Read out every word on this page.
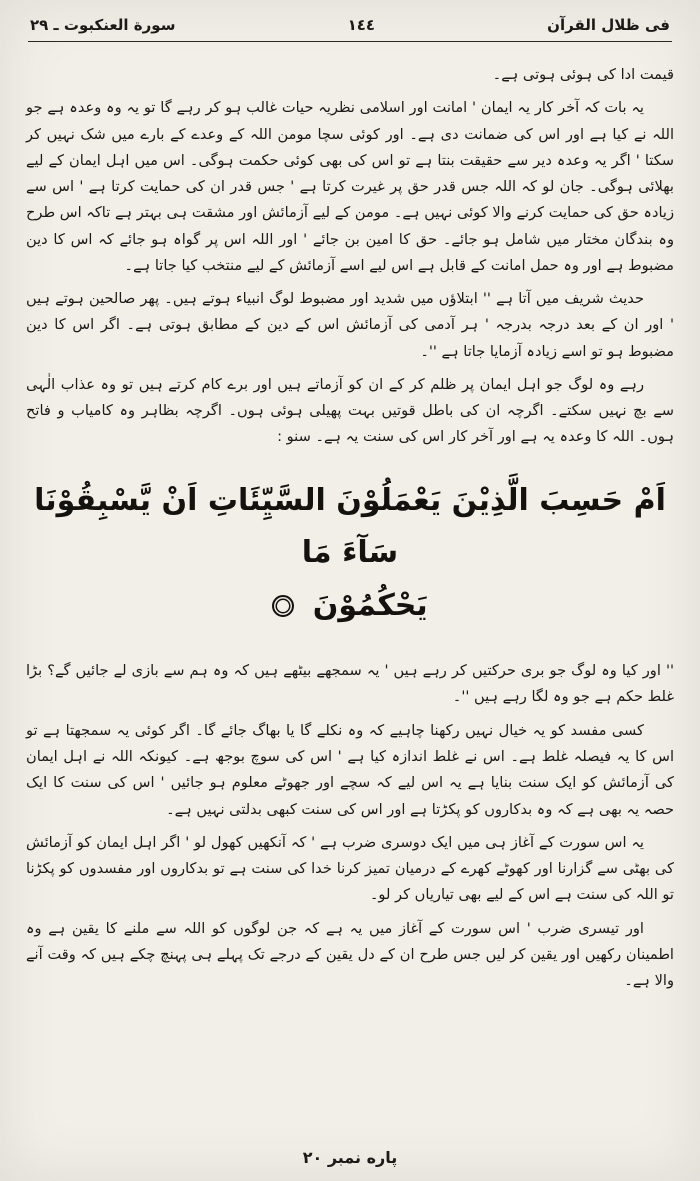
فى ظلال القرآن
١٤٤
سورة العنكبوت ـ ٢٩

قیمت ادا کی ہوئی ہوتی ہے۔

یہ بات کہ آخر کار یہ ایمان ' امانت اور اسلامی نظریہ حیات غالب ہو کر رہے گا تو یہ وہ وعدہ ہے جو اللہ نے کیا ہے اور اس کی ضمانت دی ہے۔ اور کوئی سچا مومن اللہ کے وعدے کے بارے میں شک نہیں کر سکتا ' اگر یہ وعدہ دیر سے حقیقت بنتا ہے تو اس کی بھی کوئی حکمت ہوگی۔ اس میں اہل ایمان کے لیے بھلائی ہوگی۔ جان لو کہ اللہ جس قدر حق پر غیرت کرتا ہے ' جس قدر ان کی حمایت کرتا ہے ' اس سے زیادہ حق کی حمایت کرنے والا کوئی نہیں ہے۔ مومن کے لیے آزمائش اور مشقت ہی بہتر ہے تاکہ اس طرح وہ بندگان مختار میں شامل ہو جائے۔ حق کا امین بن جائے ' اور اللہ اس پر گواہ ہو جائے کہ اس کا دین مضبوط ہے اور وہ حمل امانت کے قابل ہے اس لیے اسے آزمائش کے لیے منتخب کیا جاتا ہے۔

حدیث شریف میں آتا ہے '' ابتلاؤں میں شدید اور مضبوط لوگ انبیاء ہوتے ہیں۔ پھر صالحین ہوتے ہیں ' اور ان کے بعد درجہ بدرجہ ' ہر آدمی کی آزمائش اس کے دین کے مطابق ہوتی ہے۔ اگر اس کا دین مضبوط ہو تو اسے زیادہ آزمایا جاتا ہے ''۔

رہے وہ لوگ جو اہل ایمان پر ظلم کر کے ان کو آزماتے ہیں اور برے کام کرتے ہیں تو وہ عذاب الٰہی سے بچ نہیں سکتے۔ اگرچہ ان کی باطل قوتیں بہت پھیلی ہوئی ہوں۔ اگرچہ بظاہر وہ کامیاب و فاتح ہوں۔ اللہ کا وعدہ یہ ہے اور آخر کار اس کی سنت یہ ہے۔ سنو :

اَمْ حَسِبَ الَّذِيْنَ يَعْمَلُوْنَ السَّيِّئَاتِ اَنْ يَّسْبِقُوْنَا سَآءَ مَا
يَحْكُمُوْنَ

'' اور کیا وہ لوگ جو بری حرکتیں کر رہے ہیں ' یہ سمجھے بیٹھے ہیں کہ وہ ہم سے بازی لے جائیں گے؟ بڑا غلط حکم ہے جو وہ لگا رہے ہیں ''۔

کسی مفسد کو یہ خیال نہیں رکھنا چاہیے کہ وہ نکلے گا یا بھاگ جائے گا۔ اگر کوئی یہ سمجھتا ہے تو اس کا یہ فیصلہ غلط ہے۔ اس نے غلط اندازہ کیا ہے ' اس کی سوچ بوجھ ہے۔ کیونکہ اللہ نے اہل ایمان کی آزمائش کو ایک سنت بنایا ہے یہ اس لیے کہ سچے اور جھوٹے معلوم ہو جائیں ' اس کی سنت کا ایک حصہ یہ بھی ہے کہ وہ بدکاروں کو پکڑتا ہے اور اس کی سنت کبھی بدلتی نہیں ہے۔

یہ اس سورت کے آغاز ہی میں ایک دوسری ضرب ہے ' کہ آنکھیں کھول لو ' اگر اہل ایمان کو آزمائش کی بھٹی سے گزارنا اور کھوٹے کھرے کے درمیان تمیز کرنا خدا کی سنت ہے تو بدکاروں اور مفسدوں کو پکڑنا تو اللہ کی سنت ہے اس کے لیے بھی تیاریاں کر لو۔

اور تیسری ضرب ' اس سورت کے آغاز میں یہ ہے کہ جن لوگوں کو اللہ سے ملنے کا یقین ہے وہ اطمینان رکھیں اور یقین کر لیں جس طرح ان کے دل یقین کے درجے تک پہلے ہی پہنچ چکے ہیں کہ وقت آنے والا ہے۔

پاره نمبر ٢٠
